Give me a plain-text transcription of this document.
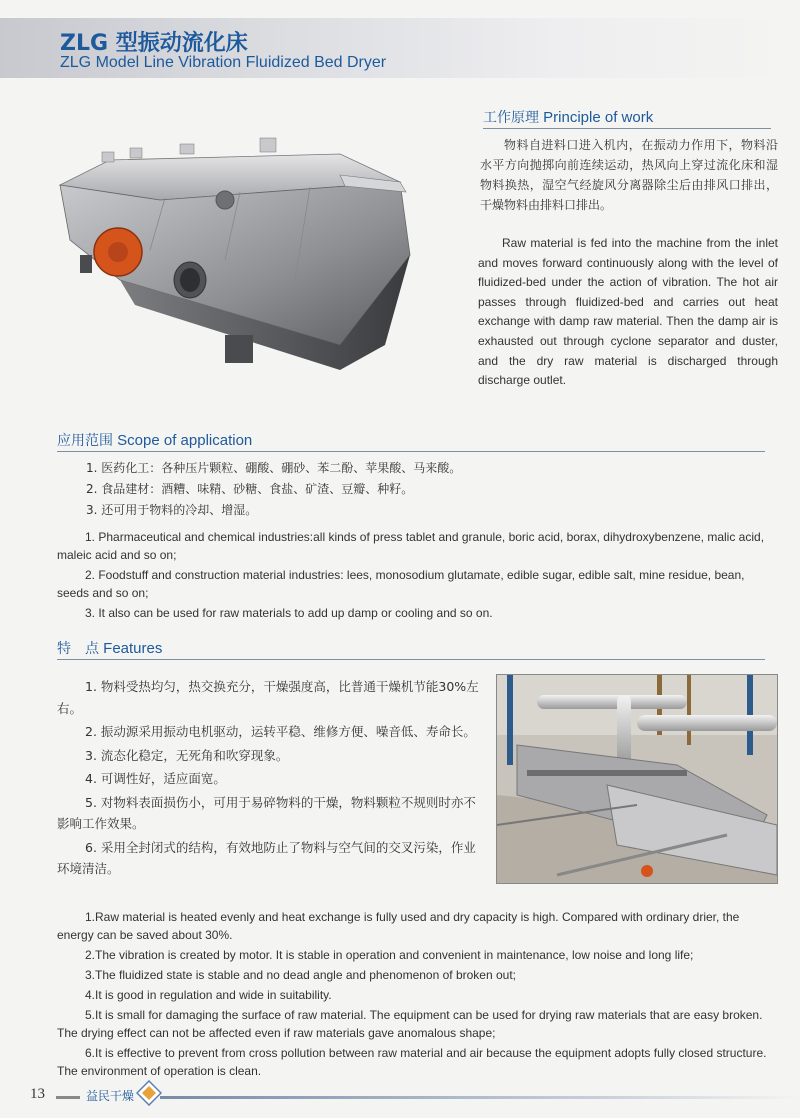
ZLG 型振动流化床
ZLG Model Line Vibration Fluidized Bed Dryer
工作原理 Principle of work
物料自进料口进入机内，在振动力作用下，物料沿水平方向抛掷向前连续运动，热风向上穿过流化床和湿物料换热，湿空气经旋风分离器除尘后由排风口排出，干燥物料由排料口排出。
Raw material is fed into the machine from the inlet and moves forward continuously along with the level of fluidized-bed under the action of vibration. The hot air passes through fluidized-bed and carries out heat exchange with damp raw material. Then the damp air is exhausted out through cyclone separator and duster, and the dry raw material is discharged through discharge outlet.
应用范围 Scope of application
1. 医药化工：各种压片颗粒、硼酸、硼砂、苯二酚、苹果酸、马来酸。
2. 食品建材：酒糟、味精、砂糖、食盐、矿渣、豆瓣、种籽。
3. 还可用于物料的冷却、增湿。
1. Pharmaceutical and chemical industries:all kinds of press tablet and granule, boric acid, borax, dihydroxybenzene, malic acid, maleic acid and so on;
2. Foodstuff and construction material industries: lees, monosodium glutamate, edible sugar, edible salt, mine residue, bean, seeds and so on;
3. It also can be used for raw materials to add up damp or cooling and so on.
特　点 Features
1. 物料受热均匀，热交换充分，干燥强度高，比普通干燥机节能30%左右。
2. 振动源采用振动电机驱动，运转平稳、维修方便、噪音低、寿命长。
3. 流态化稳定，无死角和吹穿现象。
4. 可调性好，适应面宽。
5. 对物料表面损伤小，可用于易碎物料的干燥，物料颗粒不规则时亦不影响工作效果。
6. 采用全封闭式的结构，有效地防止了物料与空气间的交叉污染，作业环境清洁。
1.Raw material is heated evenly and heat exchange is fully used and dry capacity is high. Compared with ordinary drier, the energy can be saved about 30%.
2.The vibration is created by motor. It is stable in operation and convenient in maintenance, low noise and long life;
3.The fluidized state is stable and no dead angle and phenomenon of broken out;
4.It is good in regulation and wide in suitability.
5.It is small for damaging the surface of raw material. The equipment can be used for drying raw materials that are easy broken. The drying effect can not be affected even if raw materials gave anomalous shape;
6.It is effective to prevent from cross pollution between raw material and air because the equipment adopts fully closed structure. The environment of operation is clean.
13	益民干燥
